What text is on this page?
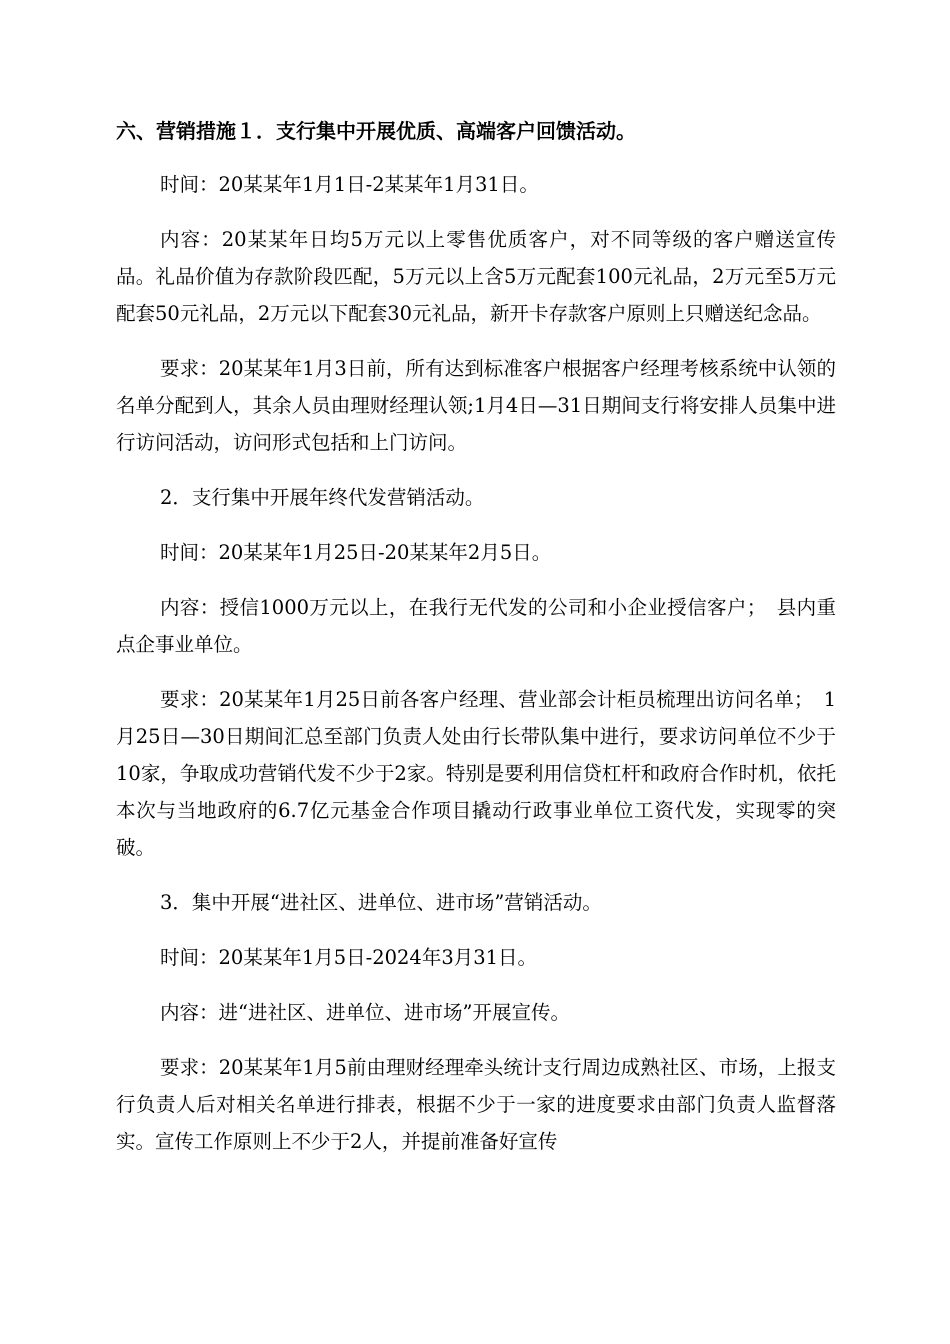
六、营销措施１．支行集中开展优质、高端客户回馈活动。

时间：20某某年1月1日-2某某年1月31日。

内容：20某某年日均5万元以上零售优质客户，对不同等级的客户赠送宣传品。礼品价值为存款阶段匹配，5万元以上含5万元配套100元礼品，2万元至5万元配套50元礼品，2万元以下配套30元礼品，新开卡存款客户原则上只赠送纪念品。

要求：20某某年1月3日前，所有达到标准客户根据客户经理考核系统中认领的名单分配到人，其余人员由理财经理认领;1月4日—31日期间支行将安排人员集中进行访问活动，访问形式包括和上门访问。

2．支行集中开展年终代发营销活动。

时间：20某某年1月25日-20某某年2月5日。

内容：授信1000万元以上，在我行无代发的公司和小企业授信客户；　县内重点企事业单位。

要求：20某某年1月25日前各客户经理、营业部会计柜员梳理出访问名单；　1月25日—30日期间汇总至部门负责人处由行长带队集中进行，要求访问单位不少于10家，争取成功营销代发不少于2家。特别是要利用信贷杠杆和政府合作时机，依托本次与当地政府的6.7亿元基金合作项目撬动行政事业单位工资代发，实现零的突破。

3．集中开展“进社区、进单位、进市场”营销活动。

时间：20某某年1月5日-2024年3月31日。

内容：进“进社区、进单位、进市场”开展宣传。

要求：20某某年1月5前由理财经理牵头统计支行周边成熟社区、市场，上报支行负责人后对相关名单进行排表，根据不少于一家的进度要求由部门负责人监督落实。宣传工作原则上不少于2人，并提前准备好宣传
